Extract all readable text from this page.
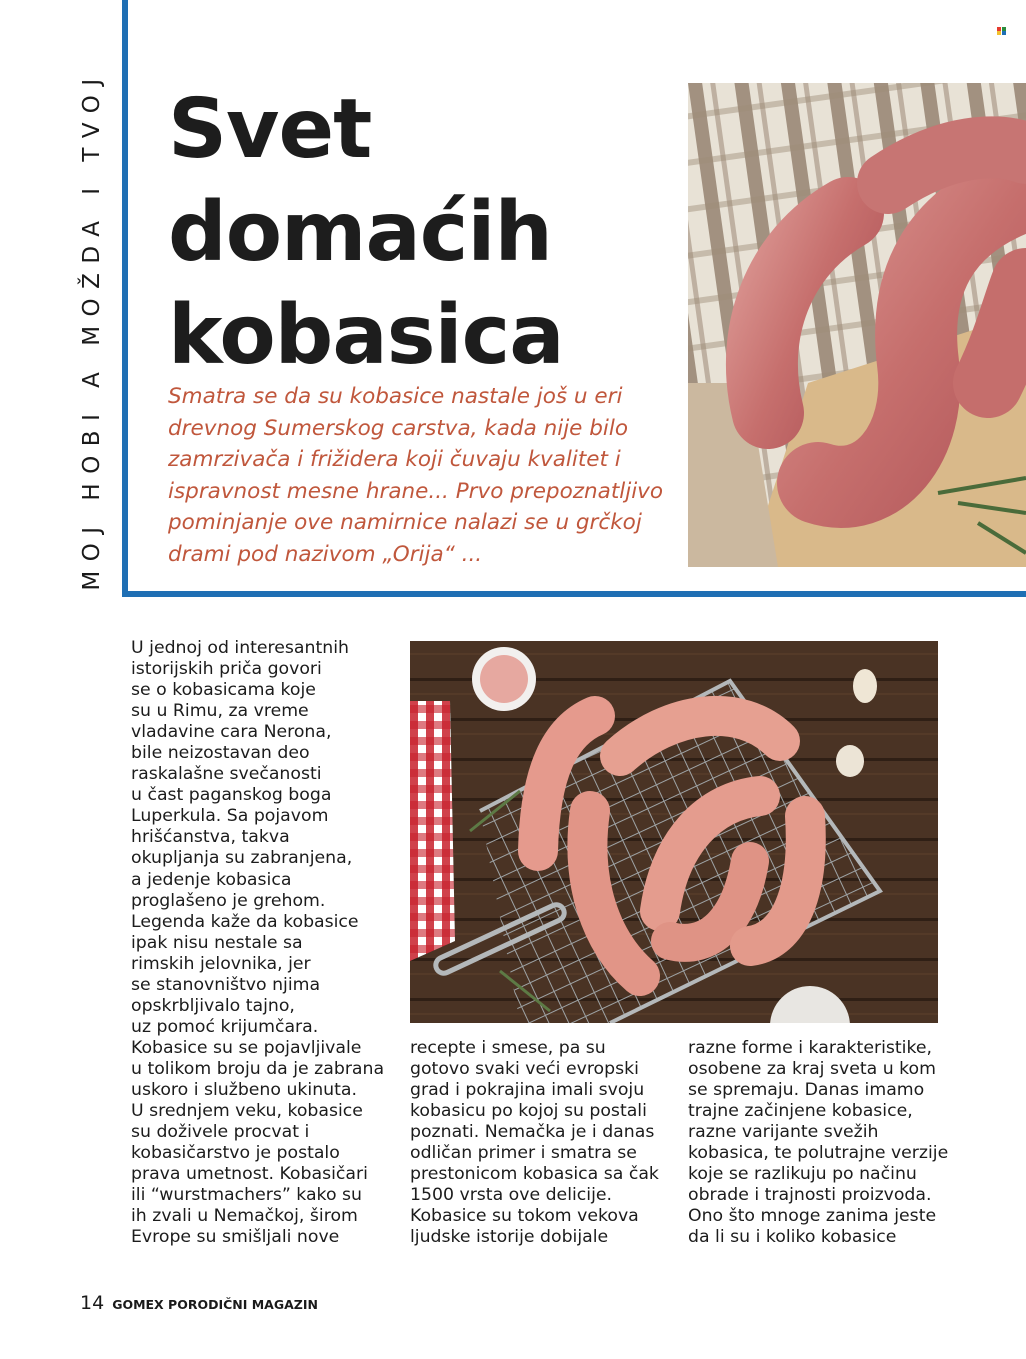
MOJ HOBI A MOŽDA I TVOJ Svet
domaćih
kobasica

Smatra se da su kobasice nastale još u eri
drevnog Sumerskog carstva, kada nije bilo
zamrzivača i frižidera koji čuvaju kvalitet i
ispravnost mesne hrane... Prvo prepoznatljivo
pominjanje ove namirnice nalazi se u grčkoj
drami pod nazivom „Orija“ ...

U jednoj od interesantnih
istorijskih priča govori
se o kobasicama koje
su u Rimu, za vreme
vladavine cara Nerona,
bile neizostavan deo
raskalašne svečanosti
u čast paganskog boga
Luperkula. Sa pojavom
hrišćanstva, takva
okupljanja su zabranjena,
a jedenje kobasica
proglašeno je grehom.
Legenda kaže da kobasice
ipak nisu nestale sa
rimskih jelovnika, jer
se stanovništvo njima
opskrbljivalo tajno,
uz pomoć krijumčara.
Kobasice su se pojavljivale
u tolikom broju da je zabrana
uskoro i službeno ukinuta.
U srednjem veku, kobasice
su doživele procvat i
kobasičarstvo je postalo
prava umetnost. Kobasičari
ili “wurstmachers” kako su
ih zvali u Nemačkoj, širom
Evrope su smišljali nove

recepte i smese, pa su
gotovo svaki veći evropski
grad i pokrajina imali svoju
kobasicu po kojoj su postali
poznati. Nemačka je i danas
odličan primer i smatra se
prestonicom kobasica sa čak
1500 vrsta ove delicije.
Kobasice su tokom vekova
ljudske istorije dobijale

razne forme i karakteristike,
osobene za kraj sveta u kom
se spremaju. Danas imamo
trajne začinjene kobasice,
razne varijante svežih
kobasica, te polutrajne verzije
koje se razlikuju po načinu
obrade i trajnosti proizvoda.
Ono što mnoge zanima jeste
da li su i koliko kobasice

14 GOMEX PORODIČNI MAGAZIN
